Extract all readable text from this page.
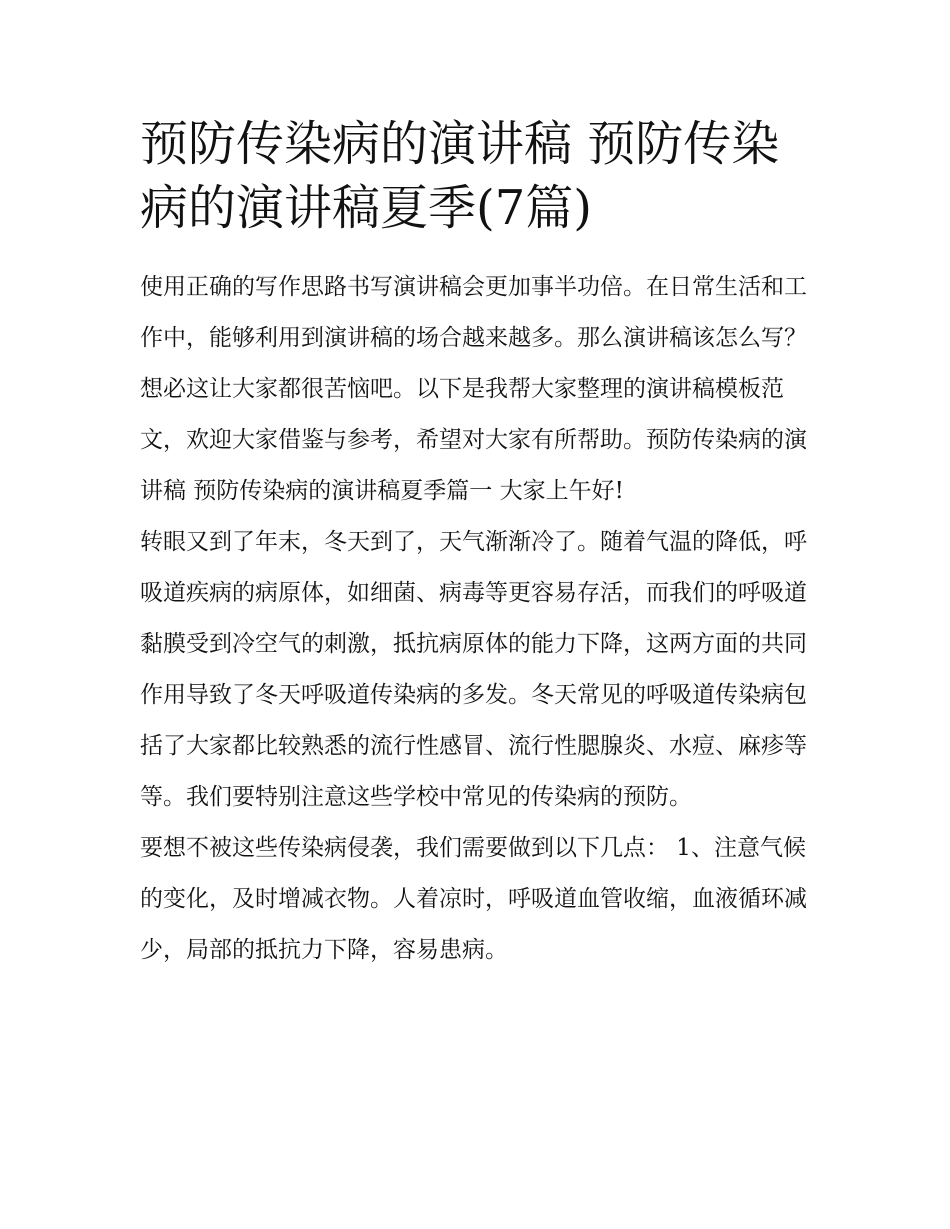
预防传染病的演讲稿 预防传染病的演讲稿夏季(7篇)

使用正确的写作思路书写演讲稿会更加事半功倍。在日常生活和工作中，能够利用到演讲稿的场合越来越多。那么演讲稿该怎么写？想必这让大家都很苦恼吧。以下是我帮大家整理的演讲稿模板范文，欢迎大家借鉴与参考，希望对大家有所帮助。预防传染病的演讲稿 预防传染病的演讲稿夏季篇一 大家上午好!

转眼又到了年末，冬天到了，天气渐渐冷了。随着气温的降低，呼吸道疾病的病原体，如细菌、病毒等更容易存活，而我们的呼吸道黏膜受到冷空气的刺激，抵抗病原体的能力下降，这两方面的共同作用导致了冬天呼吸道传染病的多发。冬天常见的呼吸道传染病包括了大家都比较熟悉的流行性感冒、流行性腮腺炎、水痘、麻疹等等。我们要特别注意这些学校中常见的传染病的预防。

要想不被这些传染病侵袭，我们需要做到以下几点： 1、注意气候的变化，及时增减衣物。人着凉时，呼吸道血管收缩，血液循环减少，局部的抵抗力下降，容易患病。
